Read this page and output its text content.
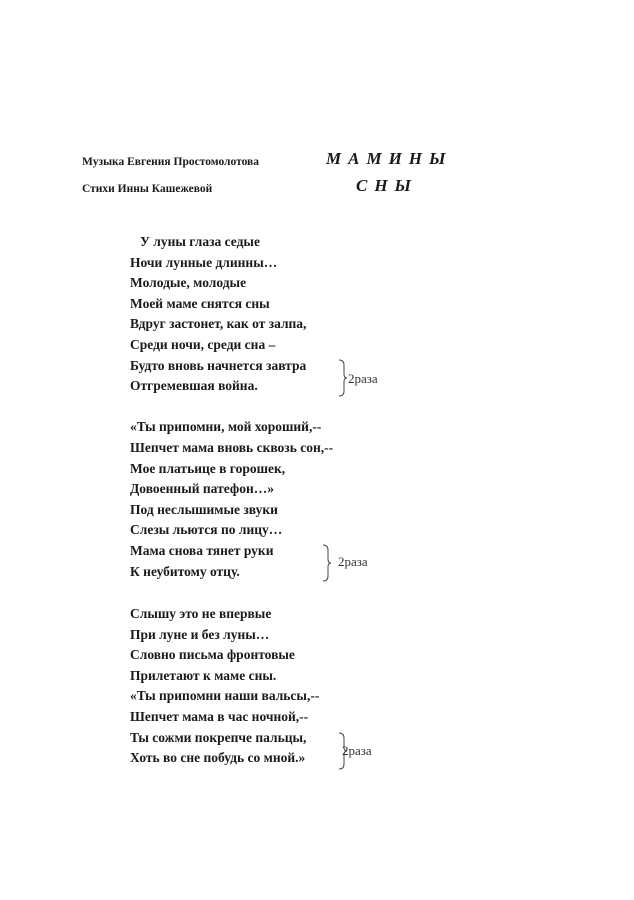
Музыка Евгения Простомолотова
Стихи Инны Кашежевой
МАМИНЫ
СНЫ
У луны глаза седые
Ночи лунные длинны…
Молодые, молодые
Моей маме снятся сны
Вдруг застонет, как от залпа,
Среди ночи, среди сна –
Будто вновь начнется завтра
Отгремевшая война.
«Ты припомни, мой хороший,--
Шепчет мама вновь сквозь сон,--
Мое платьице в горошек,
Довоенный патефон…»
Под неслышимые звуки
Слезы льются по лицу…
Мама снова тянет руки
К неубитому отцу.
Слышу это не впервые
При луне и без луны…
Словно письма фронтовые
Прилетают к маме сны.
«Ты припомни наши вальсы,--
Шепчет мама в час ночной,--
Ты сожми покрепче пальцы,
Хоть во сне побудь со мной.»
2раза
2раза
2раза
